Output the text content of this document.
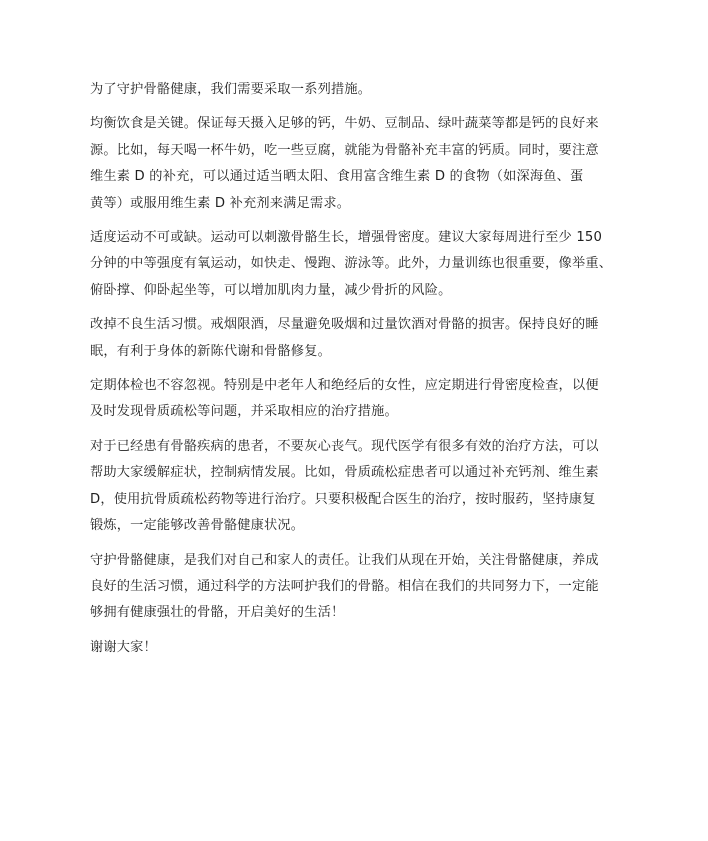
为了守护骨骼健康，我们需要采取一系列措施。

均衡饮食是关键。保证每天摄入足够的钙，牛奶、豆制品、绿叶蔬菜等都是钙的良好来
源。比如，每天喝一杯牛奶，吃一些豆腐，就能为骨骼补充丰富的钙质。同时，要注意
维生素 D 的补充，可以通过适当晒太阳、食用富含维生素 D 的食物（如深海鱼、蛋
黄等）或服用维生素 D 补充剂来满足需求。

适度运动不可或缺。运动可以刺激骨骼生长，增强骨密度。建议大家每周进行至少 150
分钟的中等强度有氧运动，如快走、慢跑、游泳等。此外，力量训练也很重要，像举重、
俯卧撑、仰卧起坐等，可以增加肌肉力量，减少骨折的风险。

改掉不良生活习惯。戒烟限酒，尽量避免吸烟和过量饮酒对骨骼的损害。保持良好的睡
眠，有利于身体的新陈代谢和骨骼修复。

定期体检也不容忽视。特别是中老年人和绝经后的女性，应定期进行骨密度检查，以便
及时发现骨质疏松等问题，并采取相应的治疗措施。

对于已经患有骨骼疾病的患者，不要灰心丧气。现代医学有很多有效的治疗方法，可以
帮助大家缓解症状，控制病情发展。比如，骨质疏松症患者可以通过补充钙剂、维生素
D，使用抗骨质疏松药物等进行治疗。只要积极配合医生的治疗，按时服药，坚持康复
锻炼，一定能够改善骨骼健康状况。

守护骨骼健康，是我们对自己和家人的责任。让我们从现在开始，关注骨骼健康，养成
良好的生活习惯，通过科学的方法呵护我们的骨骼。相信在我们的共同努力下，一定能
够拥有健康强壮的骨骼，开启美好的生活！

谢谢大家！
